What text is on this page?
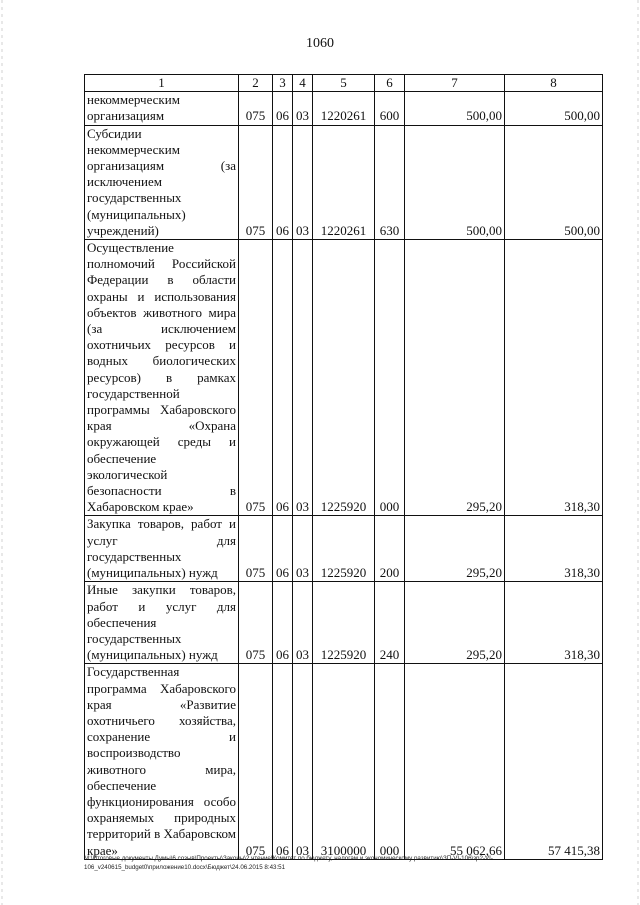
1060
1	2	3	4	5	6	7	8
некоммерческим организациям	075	06	03	1220261	600	500,00	500,00
Субсидии некоммерческим организациям (за исключением государственных (муниципальных) учреждений)	075	06	03	1220261	630	500,00	500,00
Осуществление полномочий Российской Федерации в области охраны и использования объектов животного мира (за исключением охотничьих ресурсов и водных биологических ресурсов) в рамках государственной программы Хабаровского края «Охрана окружающей среды и обеспечение экологической безопасности в Хабаровском крае»	075	06	03	1225920	000	295,20	318,30
Закупка товаров, работ и услуг для государственных (муниципальных) нужд	075	06	03	1225920	200	295,20	318,30
Иные закупки товаров, работ и услуг для обеспечения государственных (муниципальных) нужд	075	06	03	1225920	240	295,20	318,30
Государственная программа Хабаровского края «Развитие охотничьего хозяйства, сохранение и воспроизводство животного мира, обеспечение функционирования особо охраняемых природных территорий в Хабаровском крае»	075	06	03	3100000	000	55 062,66	57 415,38
M:\Итоговые документы Думы\6 созыв\Проекты\Законы\2 чтение\Комитет по бюджету, налогам и экономическому развитию\ЗП-VI-106\зр2-VI-106_v240615_budget0\приложение10.docx\Бюджет\24.06.2015 8:43:51
